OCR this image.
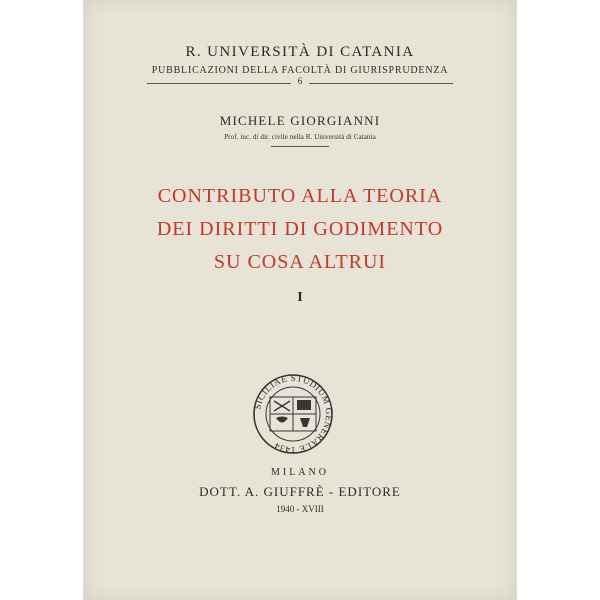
R. UNIVERSITÀ DI CATANIA
PUBBLICAZIONI DELLA FACOLTÀ DI GIURISPRUDENZA
6
MICHELE GIORGIANNI
Prof. inc. di dir. civile nella R. Università di Catania
CONTRIBUTO ALLA TEORIA
DEI DIRITTI DI GODIMENTO
SU COSA ALTRUI
I
SICILIAE STUDIUM GENERALE 1434
MILANO
DOTT. A. GIUFFRÈ - EDITORE
1940 - XVIII
